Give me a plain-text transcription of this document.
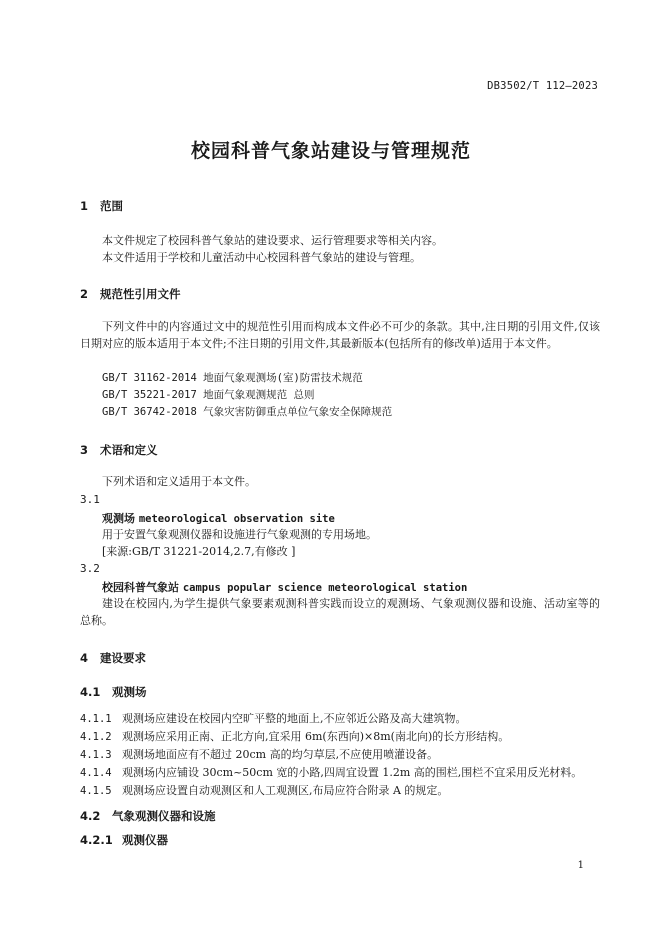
DB3502/T 112—2023
校园科普气象站建设与管理规范
1 范围
本文件规定了校园科普气象站的建设要求、运行管理要求等相关内容。
本文件适用于学校和儿童活动中心校园科普气象站的建设与管理。
2 规范性引用文件
下列文件中的内容通过文中的规范性引用而构成本文件必不可少的条款。其中,注日期的引用文件,仅该日期对应的版本适用于本文件;不注日期的引用文件,其最新版本(包括所有的修改单)适用于本文件。
GB/T 31162-2014 地面气象观测场(室)防雷技术规范
GB/T 35221-2017 地面气象观测规范 总则
GB/T 36742-2018 气象灾害防御重点单位气象安全保障规范
3 术语和定义
下列术语和定义适用于本文件。
3.1
观测场 meteorological observation site
用于安置气象观测仪器和设施进行气象观测的专用场地。
[来源:GB/T 31221-2014,2.7,有修改 ]
3.2
校园科普气象站 campus popular science meteorological station
建设在校园内,为学生提供气象要素观测科普实践而设立的观测场、气象观测仪器和设施、活动室等的总称。
4 建设要求
4.1 观测场
4.1.1 观测场应建设在校园内空旷平整的地面上,不应邻近公路及高大建筑物。
4.1.2 观测场应采用正南、正北方向,宜采用 6m(东西向)×8m(南北向)的长方形结构。
4.1.3 观测场地面应有不超过 20cm 高的均匀草层,不应使用喷灌设备。
4.1.4 观测场内应铺设 30cm~50cm 宽的小路,四周宜设置 1.2m 高的围栏,围栏不宜采用反光材料。
4.1.5 观测场应设置自动观测区和人工观测区,布局应符合附录 A 的规定。
4.2 气象观测仪器和设施
4.2.1 观测仪器
1
